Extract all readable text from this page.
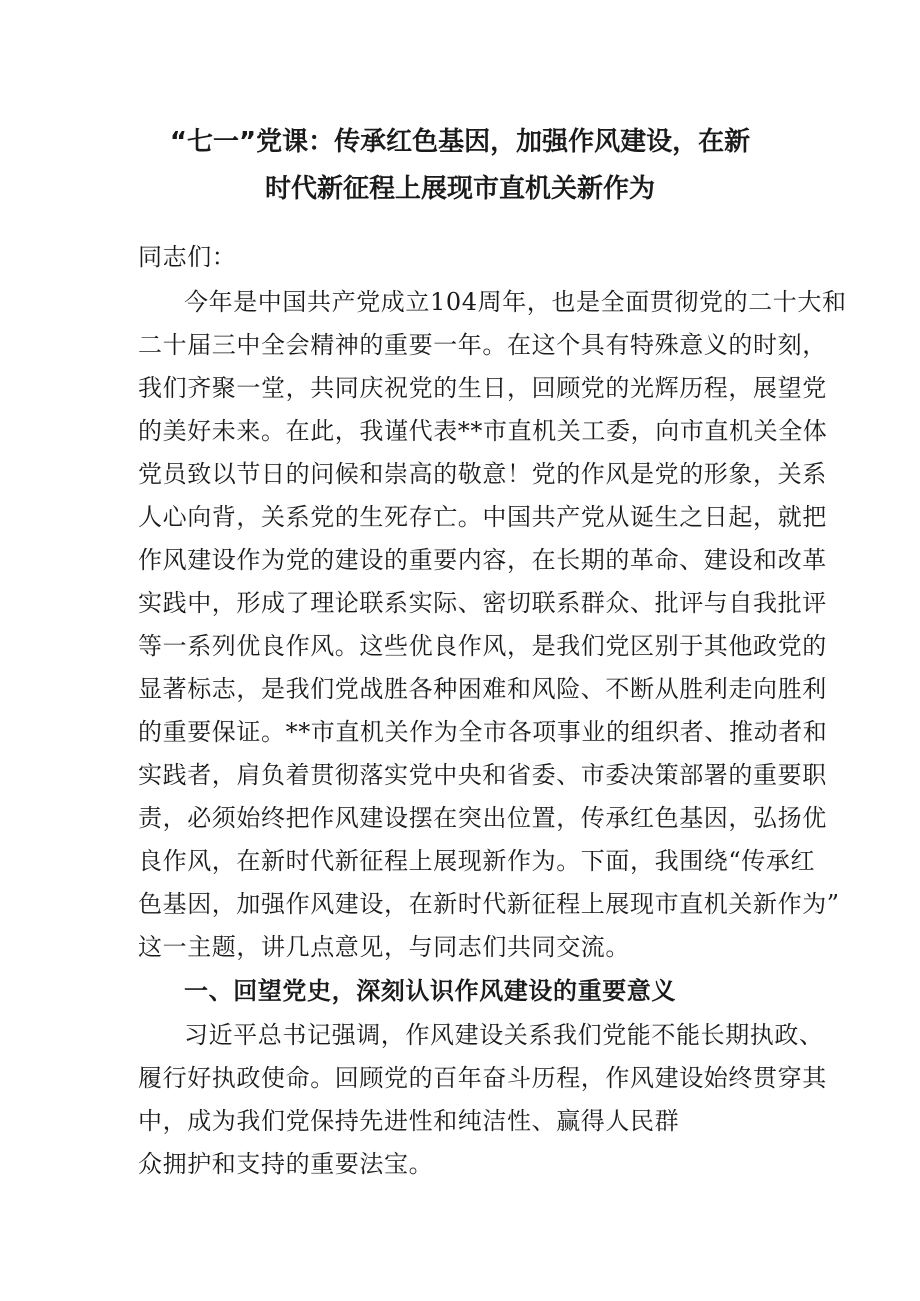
“七一”党课：传承红色基因，加强作风建设，在新
时代新征程上展现市直机关新作为
同志们：
今年是中国共产党成立104周年，也是全面贯彻党的二十大和
二十届三中全会精神的重要一年。在这个具有特殊意义的时刻，
我们齐聚一堂，共同庆祝党的生日，回顾党的光辉历程，展望党
的美好未来。在此，我谨代表**市直机关工委，向市直机关全体
党员致以节日的问候和崇高的敬意！党的作风是党的形象，关系
人心向背，关系党的生死存亡。中国共产党从诞生之日起，就把
作风建设作为党的建设的重要内容，在长期的革命、建设和改革
实践中，形成了理论联系实际、密切联系群众、批评与自我批评
等一系列优良作风。这些优良作风，是我们党区别于其他政党的
显著标志，是我们党战胜各种困难和风险、不断从胜利走向胜利
的重要保证。**市直机关作为全市各项事业的组织者、推动者和
实践者，肩负着贯彻落实党中央和省委、市委决策部署的重要职
责，必须始终把作风建设摆在突出位置，传承红色基因，弘扬优
良作风，在新时代新征程上展现新作为。下面，我围绕“传承红
色基因，加强作风建设，在新时代新征程上展现市直机关新作为”
这一主题，讲几点意见，与同志们共同交流。
一、回望党史，深刻认识作风建设的重要意义
习近平总书记强调，作风建设关系我们党能不能长期执政、
履行好执政使命。回顾党的百年奋斗历程，作风建设始终贯穿其
中，成为我们党保持先进性和纯洁性、赢得人民群
众拥护和支持的重要法宝。
